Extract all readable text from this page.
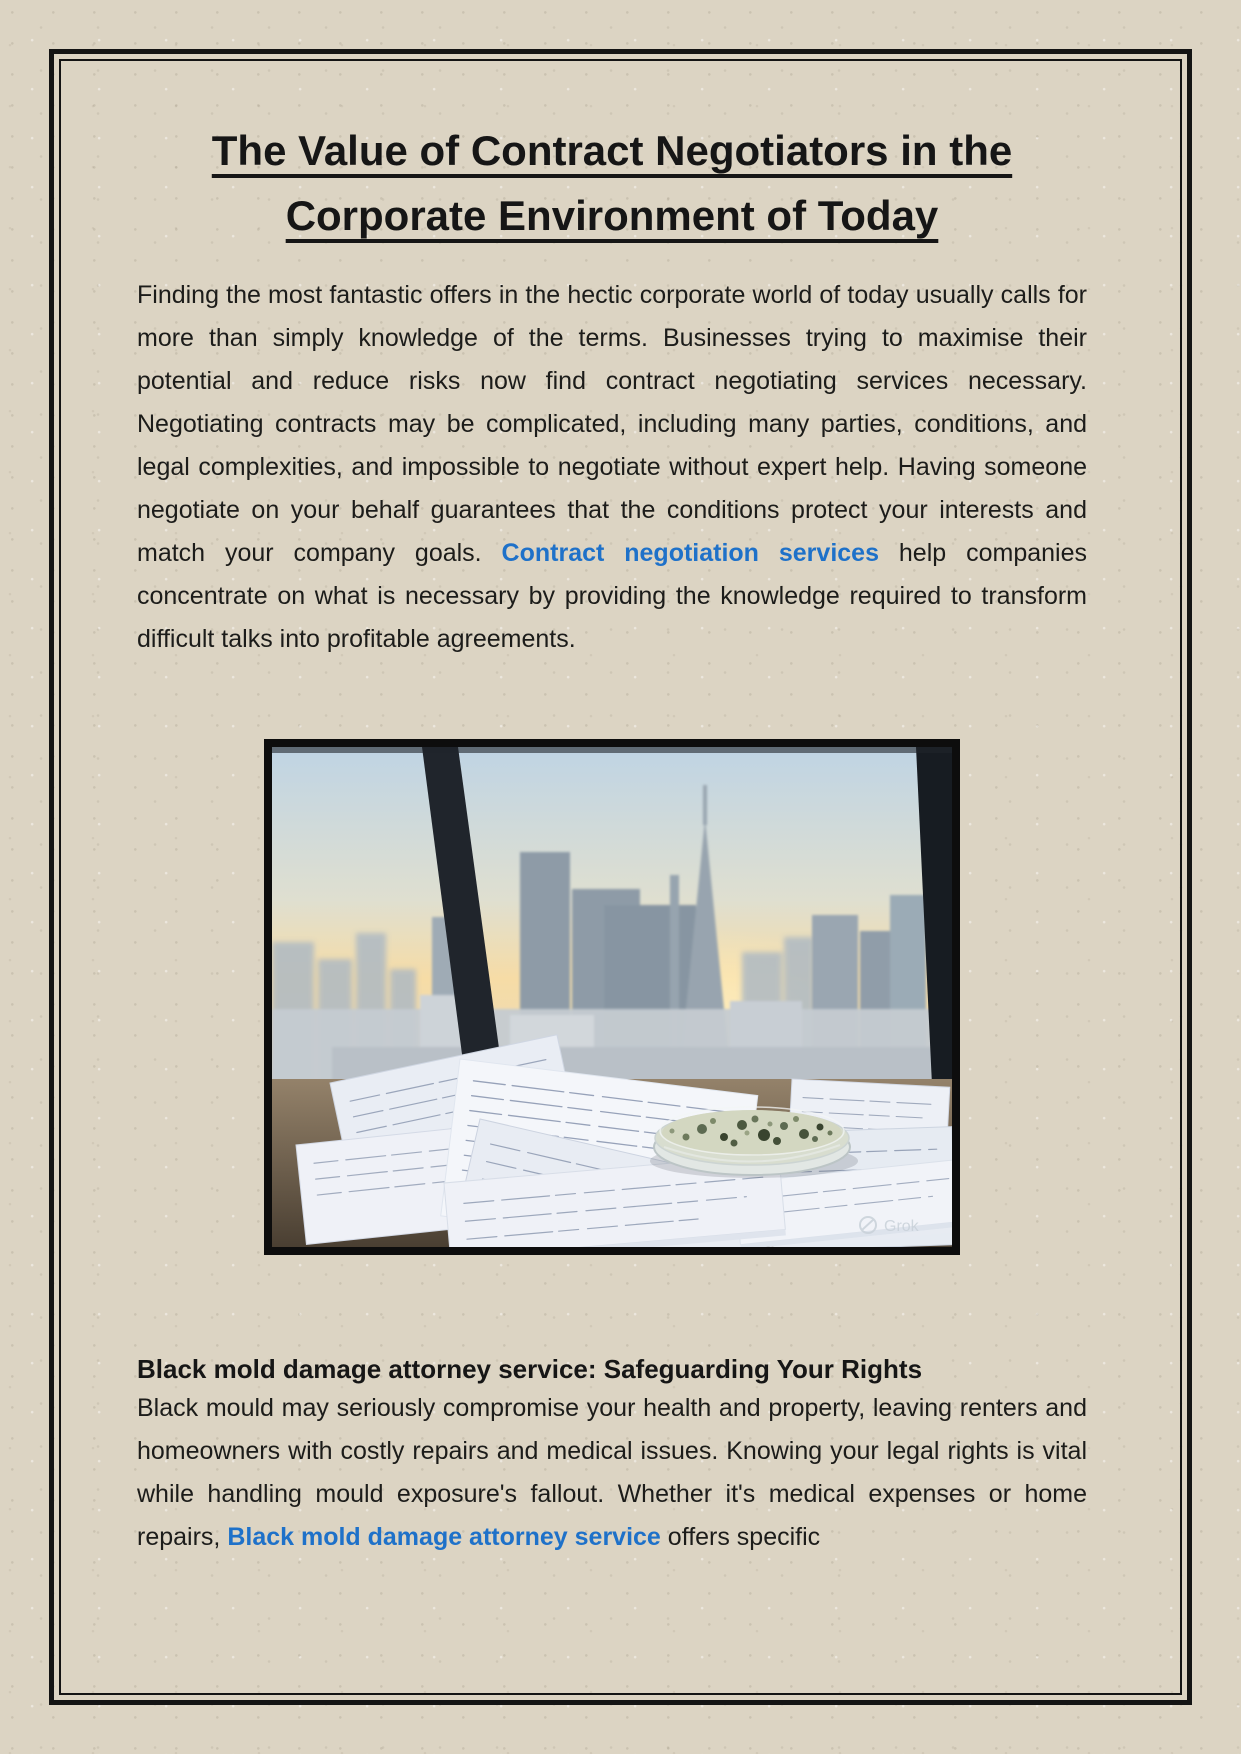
The Value of Contract Negotiators in the
Corporate Environment of Today

Finding the most fantastic offers in the hectic corporate world of today usually calls for more than simply knowledge of the terms. Businesses trying to maximise their potential and reduce risks now find contract negotiating services necessary. Negotiating contracts may be complicated, including many parties, conditions, and legal complexities, and impossible to negotiate without expert help. Having someone negotiate on your behalf guarantees that the conditions protect your interests and match your company goals. Contract negotiation services help companies concentrate on what is necessary by providing the knowledge required to transform difficult talks into profitable agreements.

Grok
Black mold damage attorney service: Safeguarding Your Rights

Black mould may seriously compromise your health and property, leaving renters and homeowners with costly repairs and medical issues. Knowing your legal rights is vital while handling mould exposure's fallout. Whether it's medical expenses or home repairs, Black mold damage attorney service offers specific
